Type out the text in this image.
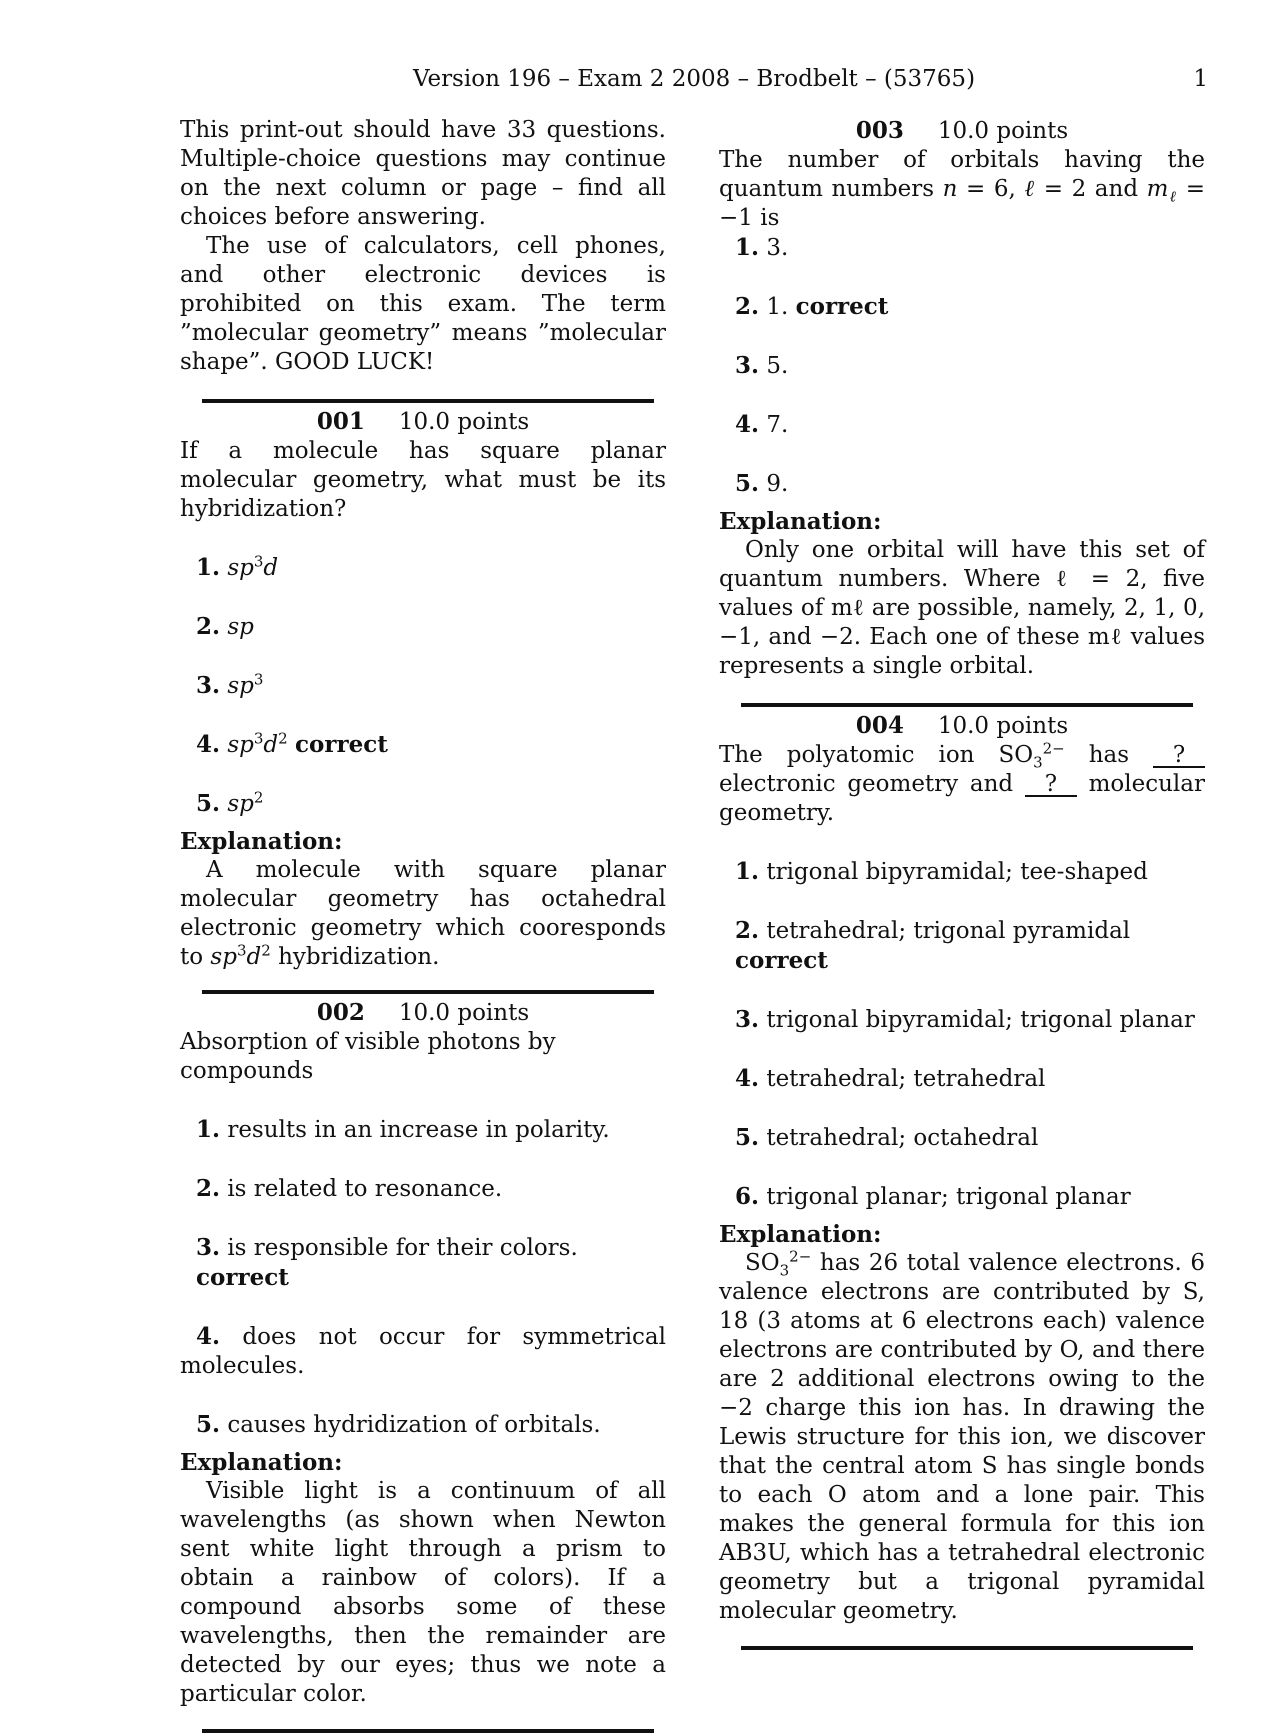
Version 196 – Exam 2 2008 – Brodbelt – (53765)	1
This print-out should have 33 questions. Multiple-choice questions may continue on the next column or page – find all choices before answering.
The use of calculators, cell phones, and other electronic devices is prohibited on this exam. The term ”molecular geometry” means ”molecular shape”. GOOD LUCK!
001 10.0 points
If a molecule has square planar molecular geometry, what must be its hybridization?
1. $sp^3d$
2. sp
3. $sp^3$
4. $sp^3d^2$ correct
5. $sp^2$
Explanation:
A molecule with square planar molecular geometry has octahedral electronic geometry which cooresponds to $sp^3d^2$ hybridization.
002 10.0 points
Absorption of visible photons by compounds
1. results in an increase in polarity.
2. is related to resonance.
3. is responsible for their colors. correct
4. does not occur for symmetrical molecules.
5. causes hydridization of orbitals.
Explanation:
Visible light is a continuum of all wavelengths (as shown when Newton sent white light through a prism to obtain a rainbow of colors). If a compound absorbs some of these wavelengths, then the remainder are detected by our eyes; thus we note a particular color.
003 10.0 points
The number of orbitals having the quantum numbers n = 6, ℓ = 2 and $m_\ell = -1$ is
1. 3.
2. 1. correct
3. 5.
4. 7.
5. 9.
Explanation:
Only one orbital will have this set of quantum numbers. Where ℓ = 2, five values of mℓ are possible, namely, 2, 1, 0, −1, and −2. Each one of these mℓ values represents a single orbital.
004 10.0 points
The polyatomic ion $SO_3^{2-}$ has ? electronic geometry and ? molecular geometry.
1. trigonal bipyramidal; tee-shaped
2. tetrahedral; trigonal pyramidal correct
3. trigonal bipyramidal; trigonal planar
4. tetrahedral; tetrahedral
5. tetrahedral; octahedral
6. trigonal planar; trigonal planar
Explanation:
$SO_3^{2-}$ has 26 total valence electrons. 6 valence electrons are contributed by S, 18 (3 atoms at 6 electrons each) valence electrons are contributed by O, and there are 2 additional electrons owing to the −2 charge this ion has. In drawing the Lewis structure for this ion, we discover that the central atom S has single bonds to each O atom and a lone pair. This makes the general formula for this ion AB3U, which has a tetrahedral electronic geometry but a trigonal pyramidal molecular geometry.
